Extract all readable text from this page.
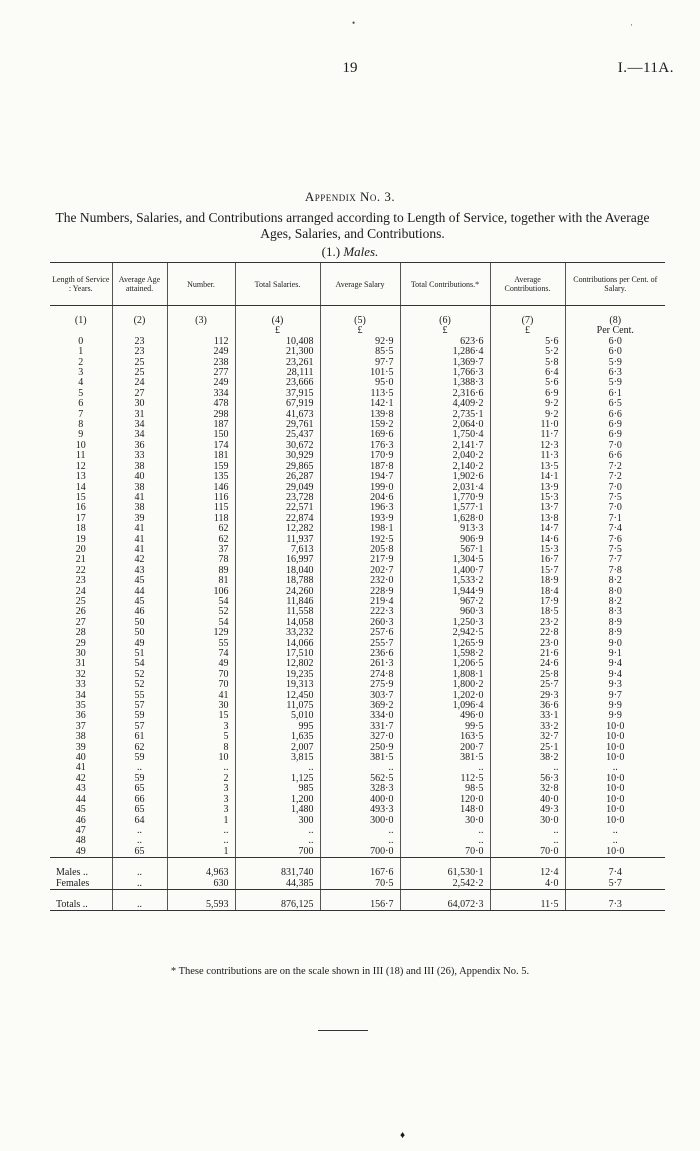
19	I.—11A.
•	·
Appendix No. 3.
The Numbers, Salaries, and Contributions arranged according to Length of Service, together with the Average Ages, Salaries, and Contributions.
(1.) Males.
Length of Service : Years.	Average Age attained.	Number.	Total Salaries.	Average Salary	Total Contributions.*	Average Contributions.	Contributions per Cent. of Salary.

(1)	(2)	(3)	(4)	(5)	(6)	(7)	(8)
			£	£	£	£	Per Cent.
0	23	112	10,408	92·9	623·6	5·6	6·0
1	23	249	21,300	85·5	1,286·4	5·2	6·0
2	25	238	23,261	97·7	1,369·7	5·8	5·9
3	25	277	28,111	101·5	1,766·3	6·4	6·3
4	24	249	23,666	95·0	1,388·3	5·6	5·9
5	27	334	37,915	113·5	2,316·6	6·9	6·1
6	30	478	67,919	142·1	4,409·2	9·2	6·5
7	31	298	41,673	139·8	2,735·1	9·2	6·6
8	34	187	29,761	159·2	2,064·0	11·0	6·9
9	34	150	25,437	169·6	1,750·4	11·7	6·9
10	36	174	30,672	176·3	2,141·7	12·3	7·0
11	33	181	30,929	170·9	2,040·2	11·3	6·6
12	38	159	29,865	187·8	2,140·2	13·5	7·2
13	40	135	26,287	194·7	1,902·6	14·1	7·2
14	38	146	29,049	199·0	2,031·4	13·9	7·0
15	41	116	23,728	204·6	1,770·9	15·3	7·5
16	38	115	22,571	196·3	1,577·1	13·7	7·0
17	39	118	22,874	193·9	1,628·0	13·8	7·1
18	41	62	12,282	198·1	913·3	14·7	7·4
19	41	62	11,937	192·5	906·9	14·6	7·6
20	41	37	7,613	205·8	567·1	15·3	7·5
21	42	78	16,997	217·9	1,304·5	16·7	7·7
22	43	89	18,040	202·7	1,400·7	15·7	7·8
23	45	81	18,788	232·0	1,533·2	18·9	8·2
24	44	106	24,260	228·9	1,944·9	18·4	8·0
25	45	54	11,846	219·4	967·2	17·9	8·2
26	46	52	11,558	222·3	960·3	18·5	8·3
27	50	54	14,058	260·3	1,250·3	23·2	8·9
28	50	129	33,232	257·6	2,942·5	22·8	8·9
29	49	55	14,066	255·7	1,265·9	23·0	9·0
30	51	74	17,510	236·6	1,598·2	21·6	9·1
31	54	49	12,802	261·3	1,206·5	24·6	9·4
32	52	70	19,235	274·8	1,808·1	25·8	9·4
33	52	70	19,313	275·9	1,800·2	25·7	9·3
34	55	41	12,450	303·7	1,202·0	29·3	9·7
35	57	30	11,075	369·2	1,096·4	36·6	9·9
36	59	15	5,010	334·0	496·0	33·1	9·9
37	57	3	995	331·7	99·5	33·2	10·0
38	61	5	1,635	327·0	163·5	32·7	10·0
39	62	8	2,007	250·9	200·7	25·1	10·0
40	59	10	3,815	381·5	381·5	38·2	10·0
41	..	..	..	..	..	..	..
42	59	2	1,125	562·5	112·5	56·3	10·0
43	65	3	985	328·3	98·5	32·8	10·0
44	66	3	1,200	400·0	120·0	40·0	10·0
45	65	3	1,480	493·3	148·0	49·3	10·0
46	64	1	300	300·0	30·0	30·0	10·0
47	..	..	..	..	..	..	..
48	..	..	..	..	..	..	..
49	65	1	700	700·0	70·0	70·0	10·0

Males ..	..	4,963	831,740	167·6	61,530·1	12·4	7·4
Females	..	630	44,385	70·5	2,542·2	4·0	5·7

Totals ..	..	5,593	876,125	156·7	64,072·3	11·5	7·3
* These contributions are on the scale shown in III (18) and III (26), Appendix No. 5.
♦
